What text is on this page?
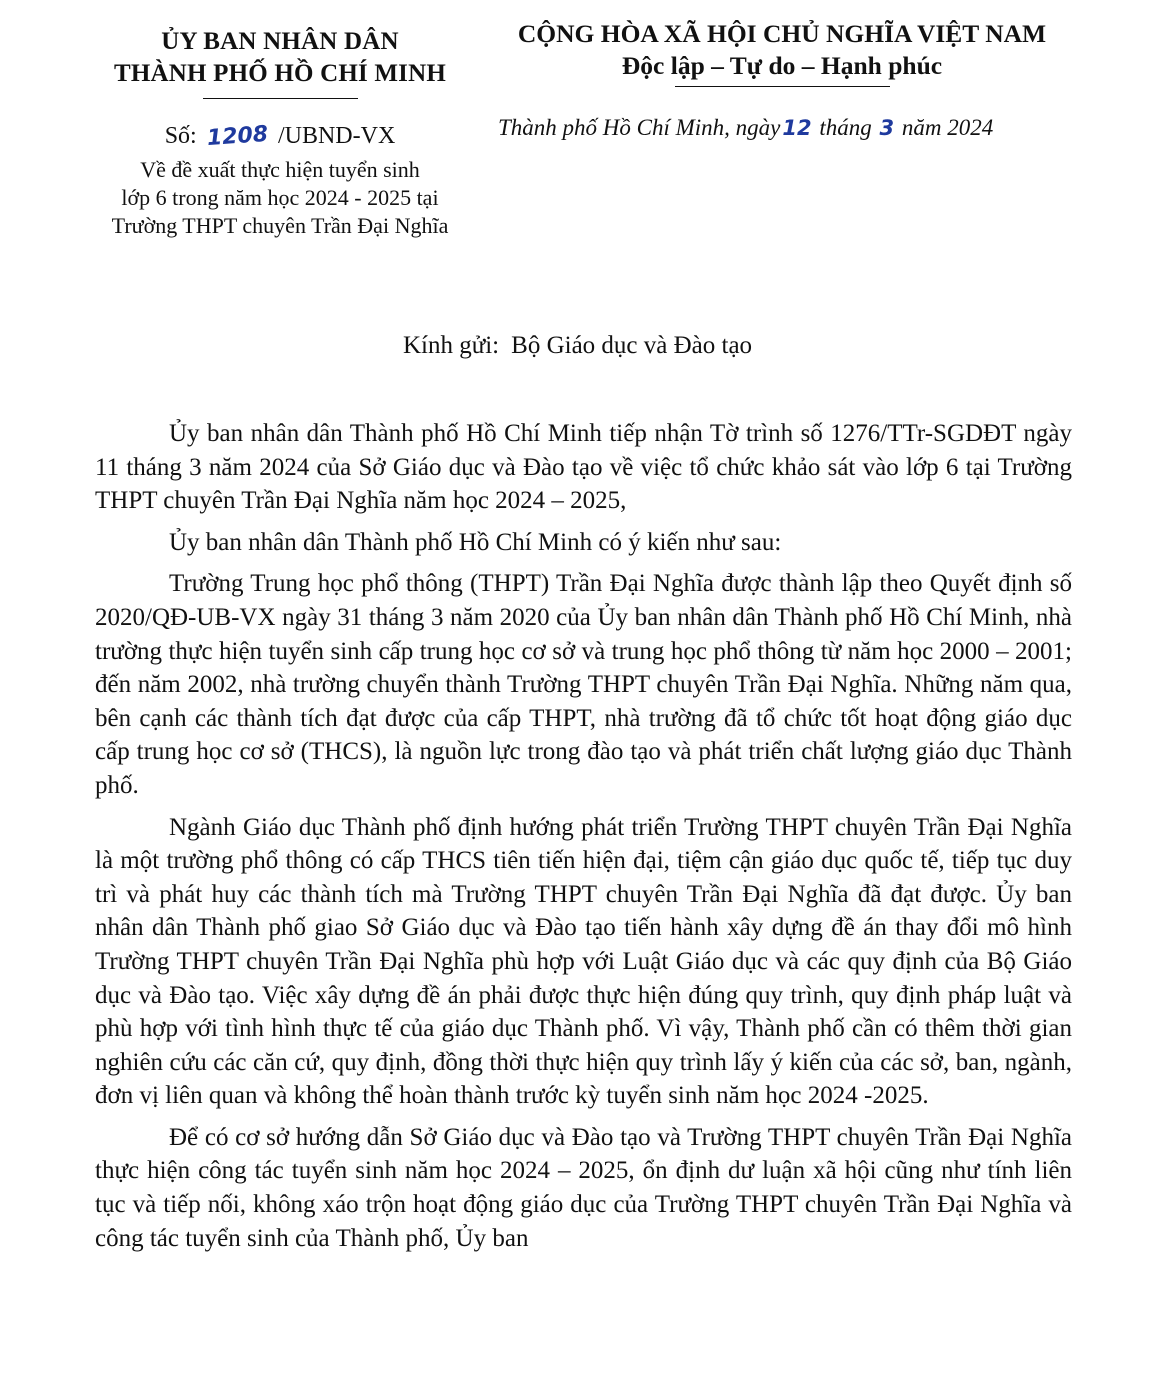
ỦY BAN NHÂN DÂN
THÀNH PHỐ HỒ CHÍ MINH
Số: 1208 /UBND-VX
Về đề xuất thực hiện tuyển sinh
lớp 6 trong năm học 2024 - 2025 tại
Trường THPT chuyên Trần Đại Nghĩa
CỘNG HÒA XÃ HỘI CHỦ NGHĨA VIỆT NAM
Độc lập – Tự do – Hạnh phúc
Thành phố Hồ Chí Minh, ngày12 tháng 3 năm 2024
Kính gửi: Bộ Giáo dục và Đào tạo

Ủy ban nhân dân Thành phố Hồ Chí Minh tiếp nhận Tờ trình số 1276/TTr-SGDĐT ngày 11 tháng 3 năm 2024 của Sở Giáo dục và Đào tạo về việc tổ chức khảo sát vào lớp 6 tại Trường THPT chuyên Trần Đại Nghĩa năm học 2024 – 2025,

Ủy ban nhân dân Thành phố Hồ Chí Minh có ý kiến như sau:

Trường Trung học phổ thông (THPT) Trần Đại Nghĩa được thành lập theo Quyết định số 2020/QĐ-UB-VX ngày 31 tháng 3 năm 2020 của Ủy ban nhân dân Thành phố Hồ Chí Minh, nhà trường thực hiện tuyển sinh cấp trung học cơ sở và trung học phổ thông từ năm học 2000 – 2001; đến năm 2002, nhà trường chuyển thành Trường THPT chuyên Trần Đại Nghĩa. Những năm qua, bên cạnh các thành tích đạt được của cấp THPT, nhà trường đã tổ chức tốt hoạt động giáo dục cấp trung học cơ sở (THCS), là nguồn lực trong đào tạo và phát triển chất lượng giáo dục Thành phố.

Ngành Giáo dục Thành phố định hướng phát triển Trường THPT chuyên Trần Đại Nghĩa là một trường phổ thông có cấp THCS tiên tiến hiện đại, tiệm cận giáo dục quốc tế, tiếp tục duy trì và phát huy các thành tích mà Trường THPT chuyên Trần Đại Nghĩa đã đạt được. Ủy ban nhân dân Thành phố giao Sở Giáo dục và Đào tạo tiến hành xây dựng đề án thay đổi mô hình Trường THPT chuyên Trần Đại Nghĩa phù hợp với Luật Giáo dục và các quy định của Bộ Giáo dục và Đào tạo. Việc xây dựng đề án phải được thực hiện đúng quy trình, quy định pháp luật và phù hợp với tình hình thực tế của giáo dục Thành phố. Vì vậy, Thành phố cần có thêm thời gian nghiên cứu các căn cứ, quy định, đồng thời thực hiện quy trình lấy ý kiến của các sở, ban, ngành, đơn vị liên quan và không thể hoàn thành trước kỳ tuyển sinh năm học 2024 -2025.

Để có cơ sở hướng dẫn Sở Giáo dục và Đào tạo và Trường THPT chuyên Trần Đại Nghĩa thực hiện công tác tuyển sinh năm học 2024 – 2025, ổn định dư luận xã hội cũng như tính liên tục và tiếp nối, không xáo trộn hoạt động giáo dục của Trường THPT chuyên Trần Đại Nghĩa và công tác tuyển sinh của Thành phố, Ủy ban
